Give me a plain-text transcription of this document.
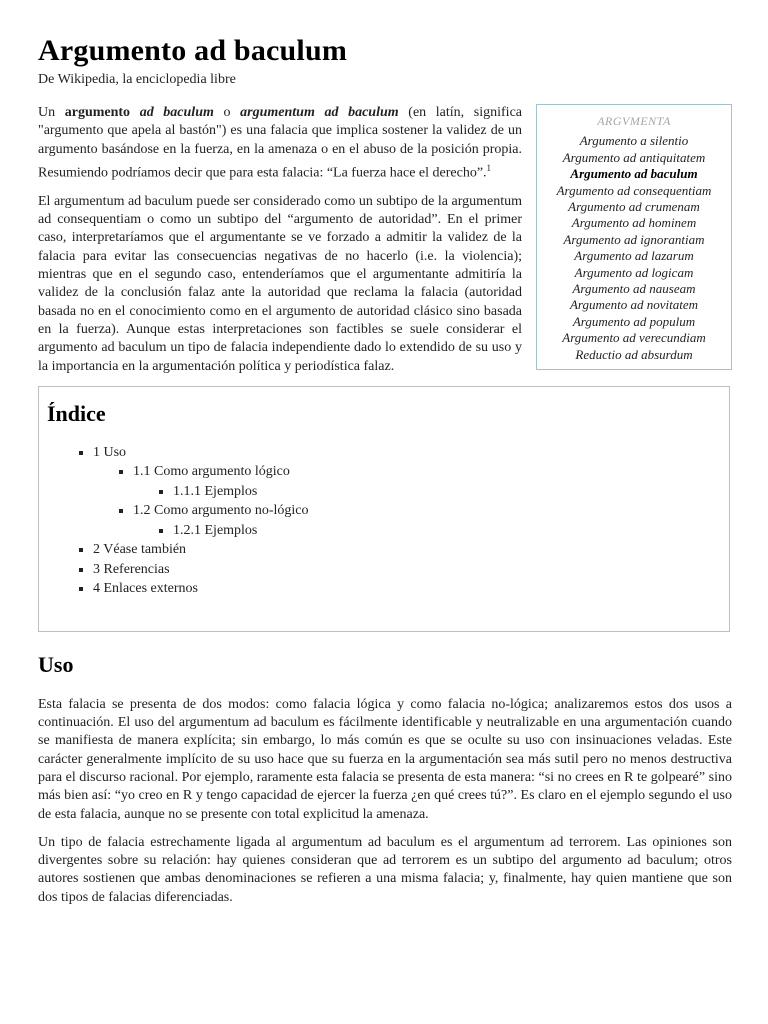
Argumento ad baculum
De Wikipedia, la enciclopedia libre
ARGVMENTA
Argumento a silentio
Argumento ad antiquitatem
Argumento ad baculum
Argumento ad consequentiam
Argumento ad crumenam
Argumento ad hominem
Argumento ad ignorantiam
Argumento ad lazarum
Argumento ad logicam
Argumento ad nauseam
Argumento ad novitatem
Argumento ad populum
Argumento ad verecundiam
Reductio ad absurdum

Un argumento ad baculum o argumentum ad baculum (en latín, significa "argumento que apela al bastón") es una falacia que implica sostener la validez de un argumento basándose en la fuerza, en la amenaza o en el abuso de la posición propia. Resumiendo podríamos decir que para esta falacia: “La fuerza hace el derecho”.$^1$

El argumentum ad baculum puede ser considerado como un subtipo de la argumentum ad consequentiam o como un subtipo del “argumento de autoridad”. En el primer caso, interpretaríamos que el argumentante se ve forzado a admitir la validez de la falacia para evitar las consecuencias negativas de no hacerlo (i.e. la violencia); mientras que en el segundo caso, entenderíamos que el argumentante admitiría la validez de la conclusión falaz ante la autoridad que reclama la falacia (autoridad basada no en el conocimiento como en el argumento de autoridad clásico sino basada en la fuerza). Aunque estas interpretaciones son factibles se suele considerar el argumento ad baculum un tipo de falacia independiente dado lo extendido de su uso y la importancia en la argumentación política y periodística falaz.

Índice
▪ 1 Uso
▪ 1.1 Como argumento lógico
▪ 1.1.1 Ejemplos
▪ 1.2 Como argumento no-lógico
▪ 1.2.1 Ejemplos
▪ 2 Véase también
▪ 3 Referencias
▪ 4 Enlaces externos
Uso

Esta falacia se presenta de dos modos: como falacia lógica y como falacia no-lógica; analizaremos estos dos usos a continuación. El uso del argumentum ad baculum es fácilmente identificable y neutralizable en una argumentación cuando se manifiesta de manera explícita; sin embargo, lo más común es que se oculte su uso con insinuaciones veladas. Este carácter generalmente implícito de su uso hace que su fuerza en la argumentación sea más sutil pero no menos destructiva para el discurso racional. Por ejemplo, raramente esta falacia se presenta de esta manera: “si no crees en R te golpearé” sino más bien así: “yo creo en R y tengo capacidad de ejercer la fuerza ¿en qué crees tú?”. Es claro en el ejemplo segundo el uso de esta falacia, aunque no se presente con total explicitud la amenaza.

Un tipo de falacia estrechamente ligada al argumentum ad baculum es el argumentum ad terrorem. Las opiniones son divergentes sobre su relación: hay quienes consideran que ad terrorem es un subtipo del argumento ad baculum; otros autores sostienen que ambas denominaciones se refieren a una misma falacia; y, finalmente, hay quien mantiene que son dos tipos de falacias diferenciadas.
